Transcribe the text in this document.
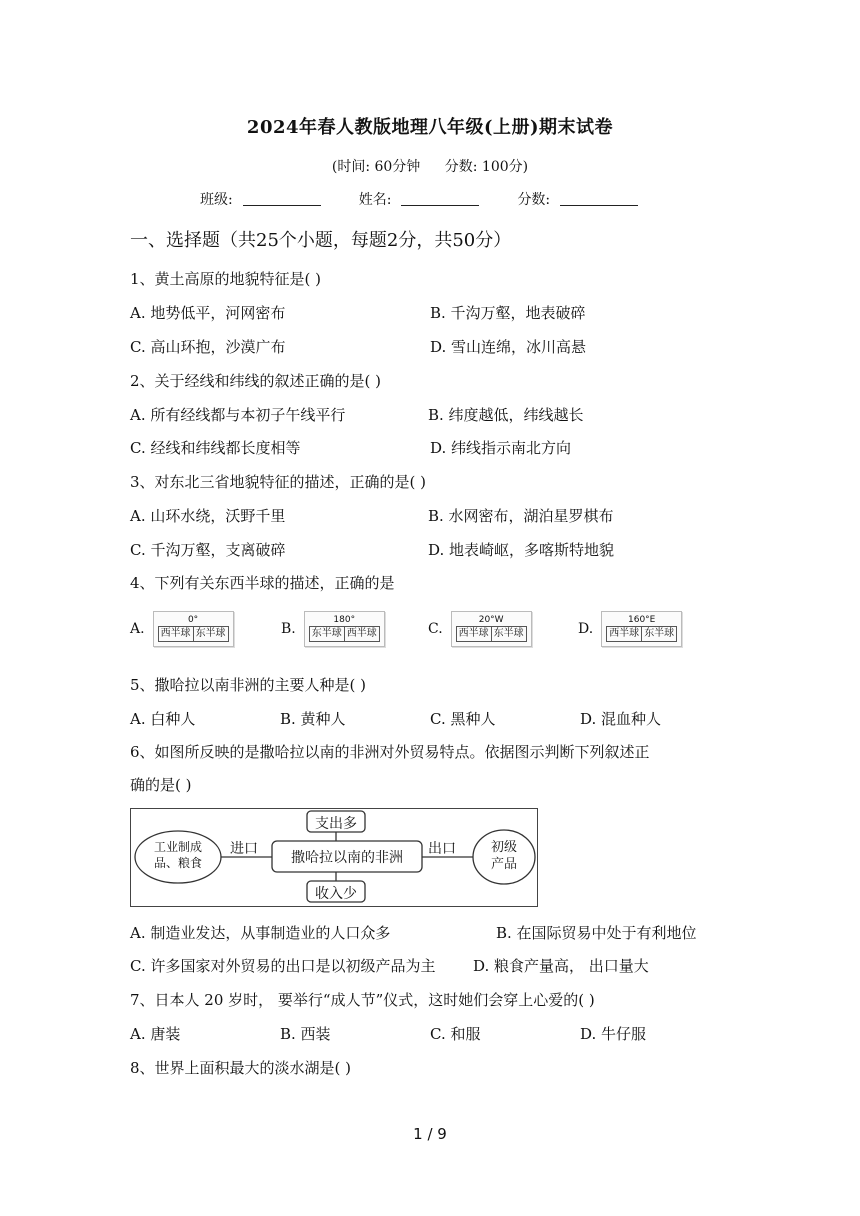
2024年春人教版地理八年级(上册)期末试卷
(时间: 60分钟 分数: 100分)
班级:	姓名:	分数:
一、选择题（共25个小题，每题2分，共50分）
1、黄土高原的地貌特征是( )
A. 地势低平，河网密布	B. 千沟万壑，地表破碎
C. 高山环抱，沙漠广布	D. 雪山连绵，冰川高悬
2、关于经线和纬线的叙述正确的是( )
A. 所有经线都与本初子午线平行	B. 纬度越低，纬线越长
C. 经线和纬线都长度相等	D. 纬线指示南北方向
3、对东北三省地貌特征的描述，正确的是( )
A. 山环水绕，沃野千里	B. 水网密布，湖泊星罗棋布
C. 千沟万壑，支离破碎	D. 地表崎岖，多喀斯特地貌
4、下列有关东西半球的描述，正确的是
A.
0°
西半球 东半球	B.
180°
东半球 西半球	C.
20°W
西半球 东半球	D.
160°E
西半球 东半球
5、撒哈拉以南非洲的主要人种是( )
A. 白种人	B. 黄种人	C. 黑种人	D. 混血种人
6、如图所反映的是撒哈拉以南的非洲对外贸易特点。依据图示判断下列叙述正
确的是( )
支出多
撒哈拉以南的非洲
收入少
进口	出口
工业制成
品、粮食
初级
产品
A. 制造业发达，从事制造业的人口众多	B. 在国际贸易中处于有利地位
C. 许多国家对外贸易的出口是以初级产品为主	D. 粮食产量高， 出口量大
7、日本人 20 岁时， 要举行“成人节”仪式，这时她们会穿上心爱的( )
A. 唐装	B. 西装	C. 和服	D. 牛仔服
8、世界上面积最大的淡水湖是( )
1 / 9
